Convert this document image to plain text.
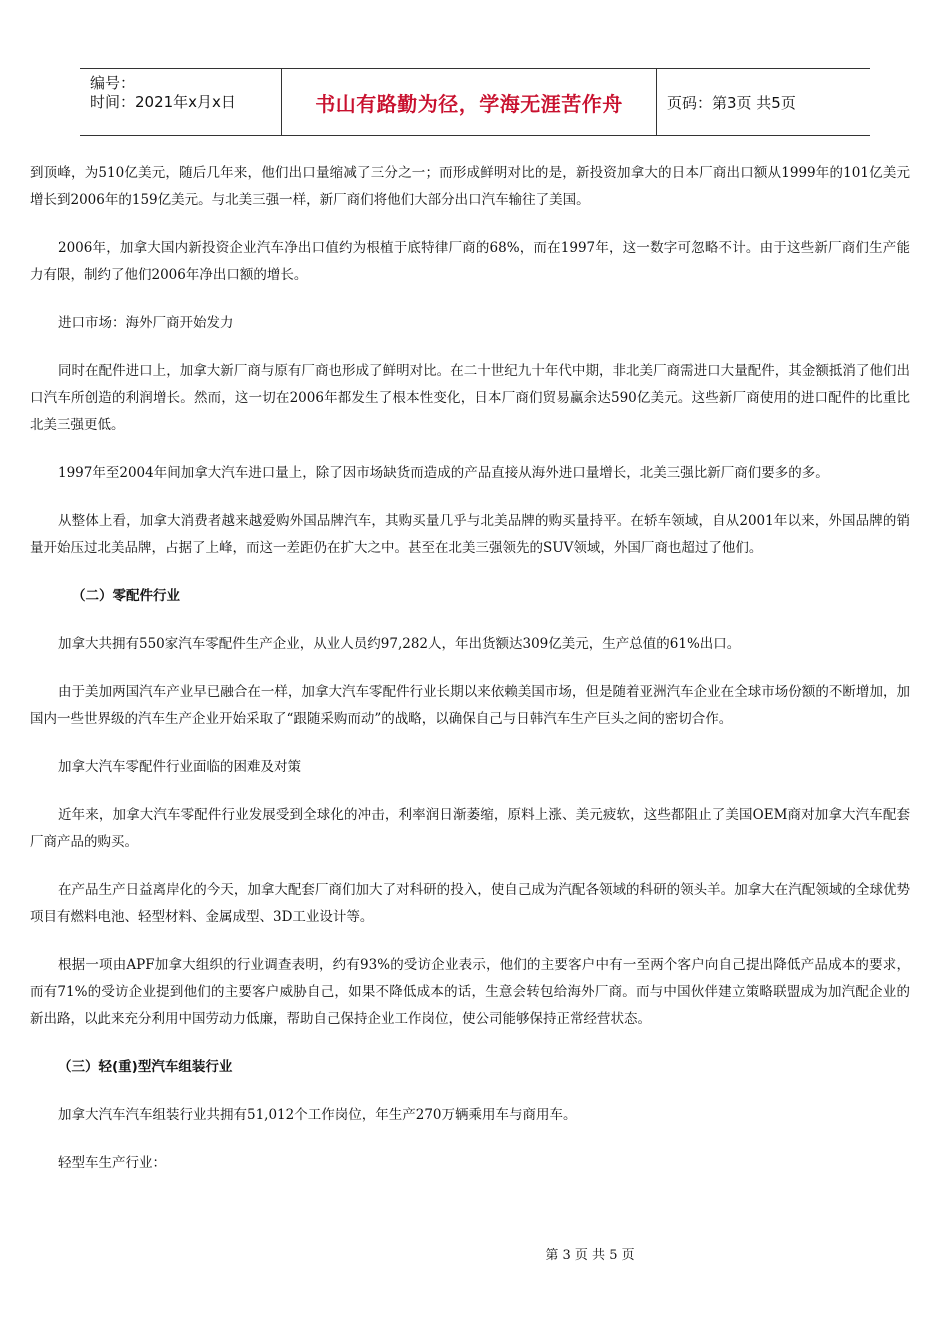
编号：
时间：2021年x月x日	书山有路勤为径，学海无涯苦作舟	页码：第3页 共5页

到顶峰，为510亿美元，随后几年来，他们出口量缩减了三分之一；而形成鲜明对比的是，新投资加拿大的日本厂商出口额从1999年的101亿美元增长到2006年的159亿美元。与北美三强一样，新厂商们将他们大部分出口汽车输往了美国。

2006年，加拿大国内新投资企业汽车净出口值约为根植于底特律厂商的68%，而在1997年，这一数字可忽略不计。由于这些新厂商们生产能力有限，制约了他们2006年净出口额的增长。

进口市场：海外厂商开始发力

同时在配件进口上，加拿大新厂商与原有厂商也形成了鲜明对比。在二十世纪九十年代中期，非北美厂商需进口大量配件，其金额抵消了他们出口汽车所创造的利润增长。然而，这一切在2006年都发生了根本性变化，日本厂商们贸易赢余达590亿美元。这些新厂商使用的进口配件的比重比北美三强更低。

1997年至2004年间加拿大汽车进口量上，除了因市场缺货而造成的产品直接从海外进口量增长，北美三强比新厂商们要多的多。

从整体上看，加拿大消费者越来越爱购外国品牌汽车，其购买量几乎与北美品牌的购买量持平。在轿车领域，自从2001年以来，外国品牌的销量开始压过北美品牌，占据了上峰，而这一差距仍在扩大之中。甚至在北美三强领先的SUV领域，外国厂商也超过了他们。

（二）零配件行业

加拿大共拥有550家汽车零配件生产企业，从业人员约97,282人，年出货额达309亿美元，生产总值的61%出口。

由于美加两国汽车产业早已融合在一样，加拿大汽车零配件行业长期以来依赖美国市场，但是随着亚洲汽车企业在全球市场份额的不断增加，加国内一些世界级的汽车生产企业开始采取了“跟随采购而动”的战略，以确保自己与日韩汽车生产巨头之间的密切合作。

加拿大汽车零配件行业面临的困难及对策

近年来，加拿大汽车零配件行业发展受到全球化的冲击，利率润日渐萎缩，原料上涨、美元疲软，这些都阻止了美国OEM商对加拿大汽车配套厂商产品的购买。

在产品生产日益离岸化的今天，加拿大配套厂商们加大了对科研的投入，使自己成为汽配各领域的科研的领头羊。加拿大在汽配领域的全球优势项目有燃料电池、轻型材料、金属成型、3D工业设计等。

根据一项由APF加拿大组织的行业调查表明，约有93%的受访企业表示，他们的主要客户中有一至两个客户向自己提出降低产品成本的要求，而有71%的受访企业提到他们的主要客户威胁自己，如果不降低成本的话，生意会转包给海外厂商。而与中国伙伴建立策略联盟成为加汽配企业的新出路，以此来充分利用中国劳动力低廉，帮助自己保持企业工作岗位，使公司能够保持正常经营状态。

（三）轻(重)型汽车组装行业

加拿大汽车汽车组装行业共拥有51,012个工作岗位，年生产270万辆乘用车与商用车。

轻型车生产行业：

第 3 页 共 5 页
